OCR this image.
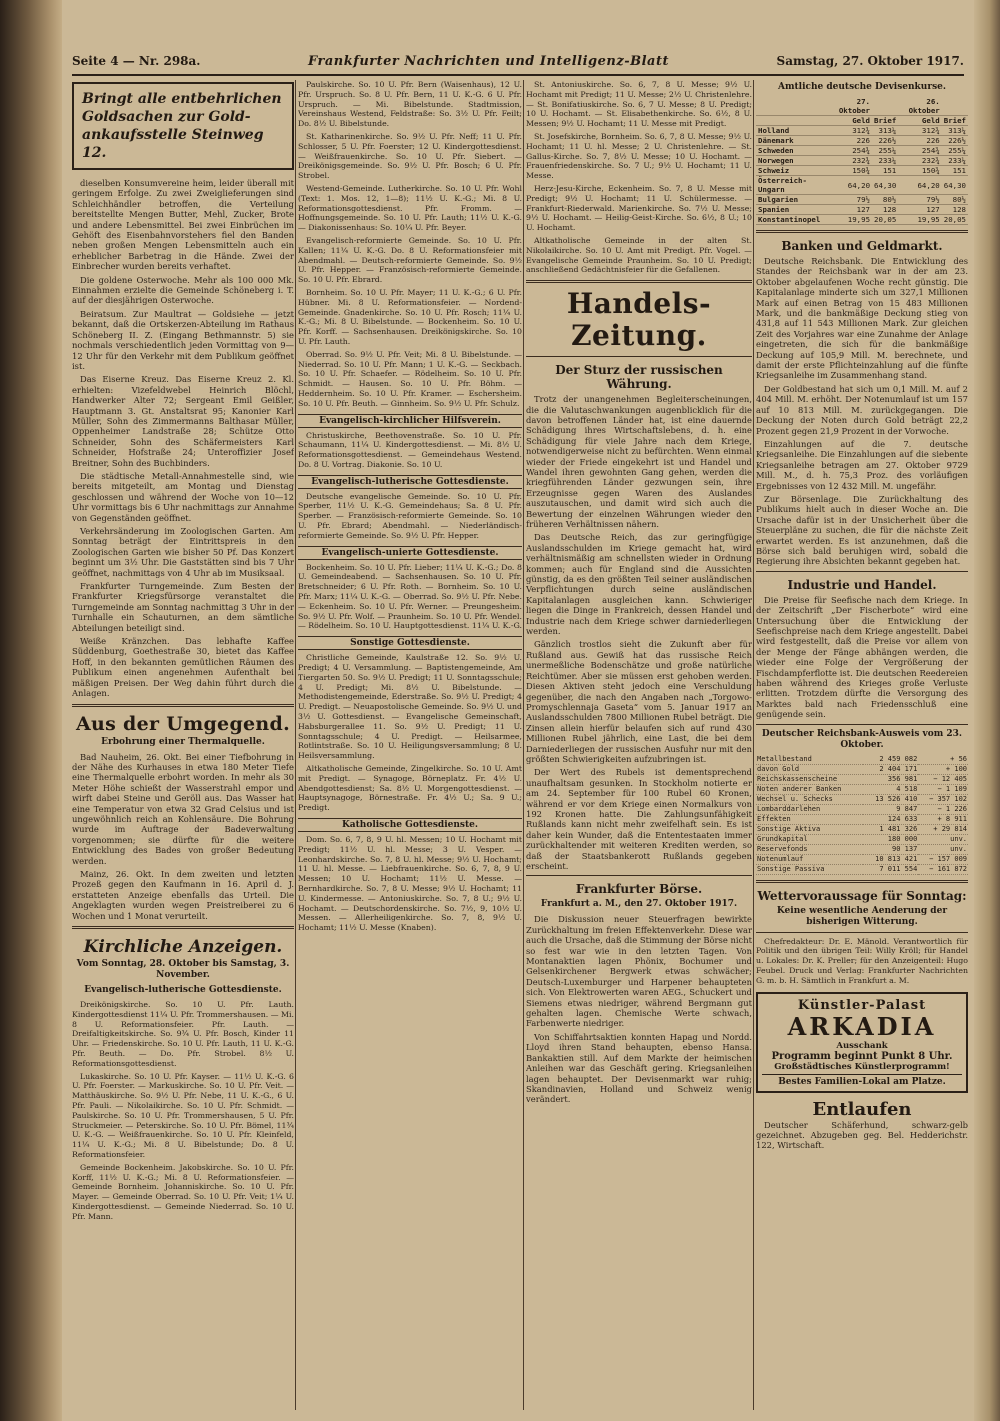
Seite 4 — Nr. 298a.	Frankfurter Nachrichten und Intelligenz-Blatt	Samstag, 27. Oktober 1917.
Bringt alle entbehrlichen Goldsachen zur Gold-ankaufsstelle Steinweg 12.

dieselben Konsumvereine heim, leider überall mit geringem Erfolge. Zu zwei Zweiglieferungen sind Schleichhändler betroffen, die Verteilung bereitstellte Mengen Butter, Mehl, Zucker, Brote und andere Lebensmittel. Bei zwei Einbrüchen im Gehöft des Eisenbahnvorstehers fiel den Banden neben großen Mengen Lebensmitteln auch ein erheblicher Barbetrag in die Hände. Zwei der Einbrecher wurden bereits verhaftet.

Die goldene Osterwoche. Mehr als 100 000 Mk. Einnahmen erzielte die Gemeinde Schöneberg i. T. auf der diesjährigen Osterwoche.

Beiratsum. Zur Maultrat — Goldsiehe — jetzt bekannt, daß die Ortskerzen-Abteilung im Rathaus Schöneberg II. Z. (Eingang Bethmannstr. 5) sie nochmals verschiedentlich jeden Vormittag von 9—12 Uhr für den Verkehr mit dem Publikum geöffnet ist.

Das Eiserne Kreuz. Das Eiserne Kreuz 2. Kl. erhielten: Vizefeldwebel Heinrich Blöchl, Handwerker Alter 72; Sergeant Emil Geißler, Hauptmann 3. Gt. Anstaltsrat 95; Kanonier Karl Müller, Sohn des Zimmermanns Balthasar Müller, Oppenheimer Landstraße 28; Schütze Otto Schneider, Sohn des Schäfermeisters Karl Schneider, Hofstraße 24; Unteroffizier Josef Breitner, Sohn des Buchbinders.

Die städtische Metall-Annahmestelle sind, wie bereits mitgeteilt, am Montag und Dienstag geschlossen und während der Woche von 10—12 Uhr vormittags bis 6 Uhr nachmittags zur Annahme von Gegenständen geöffnet.

Verkehrsänderung im Zoologischen Garten. Am Sonntag beträgt der Eintrittspreis in den Zoologischen Garten wie bisher 50 Pf. Das Konzert beginnt um 3½ Uhr. Die Gaststätten sind bis 7 Uhr geöffnet, nachmittags von 4 Uhr ab im Musiksaal.

Frankfurter Turngemeinde. Zum Besten der Frankfurter Kriegsfürsorge veranstaltet die Turngemeinde am Sonntag nachmittag 3 Uhr in der Turnhalle ein Schauturnen, an dem sämtliche Abteilungen beteiligt sind.

Weiße Kränzchen. Das lebhafte Kaffee Süddenburg, Goethestraße 30, bietet das Kaffee Hoff, in den bekannten gemütlichen Räumen des Publikum einen angenehmen Aufenthalt bei mäßigen Preisen. Der Weg dahin führt durch die Anlagen.

Aus der Umgegend.
Erbohrung einer Thermalquelle.

Bad Nauheim, 26. Okt. Bei einer Tiefbohrung in der Nähe des Kurhauses in etwa 180 Meter Tiefe eine Thermalquelle erbohrt worden. In mehr als 30 Meter Höhe schießt der Wasserstrahl empor und wirft dabei Steine und Geröll aus. Das Wasser hat eine Temperatur von etwa 32 Grad Celsius und ist ungewöhnlich reich an Kohlensäure. Die Bohrung wurde im Auftrage der Badeverwaltung vorgenommen; sie dürfte für die weitere Entwicklung des Bades von großer Bedeutung werden.

Mainz, 26. Okt. In dem zweiten und letzten Prozeß gegen den Kaufmann in 16. April d. J. erstatteten Anzeige ebenfalls das Urteil. Die Angeklagten wurden wegen Preistreiberei zu 6 Wochen und 1 Monat verurteilt.

Kirchliche Anzeigen.
Vom Sonntag, 28. Oktober bis Samstag, 3. November.
Evangelisch-lutherische Gottesdienste.

Dreikönigskirche. So. 10 U. Pfr. Lauth. Kindergottesdienst 11¼ U. Pfr. Trommershausen. — Mi. 8 U. Reformationsfeier. Pfr. Lauth. — Dreifaltigkeitskirche. So. 9¾ U. Pfr. Bosch, Kinder 11 Uhr. — Friedenskirche. So. 10 U. Pfr. Lauth, 11 U. K.-G. Pfr. Beuth. — Do. Pfr. Strobel. 8½ U. Reformationsgottesdienst.

Lukaskirche. So. 10 U. Pfr. Kayser. — 11½ U. K.-G. 6 U. Pfr. Foerster. — Markuskirche. So. 10 U. Pfr. Veit. — Matthäuskirche. So. 9½ U. Pfr. Nebe, 11 U. K.-G., 6 U. Pfr. Pauli. — Nikolaikirche. So. 10 U. Pfr. Schmidt. — Paulskirche. So. 10 U. Pfr. Trommershausen, 5 U. Pfr. Struckmeier. — Peterskirche. So. 10 U. Pfr. Bömel, 11¾ U. K.-G. — Weißfrauenkirche. So. 10 U. Pfr. Kleinfeld, 11¼ U. K.-G.; Mi. 8 U. Bibelstunde; Do. 8 U. Reformationsfeier.

Gemeinde Bockenheim. Jakobskirche. So. 10 U. Pfr. Korff, 11½ U. K.-G.; Mi. 8 U. Reformationsfeier. — Gemeinde Bornheim. Johanniskirche. So. 10 U. Pfr. Mayer. — Gemeinde Oberrad. So. 10 U. Pfr. Veit; 1¼ U. Kindergottesdienst. — Gemeinde Niederrad. So. 10 U. Pfr. Mann.

Paulskirche. So. 10 U. Pfr. Bern (Waisenhaus), 12 U. Pfr. Urspruch. So. 8 U. Pfr. Bern, 11 U. K.-G. 6 U. Pfr. Urspruch. — Mi. Bibelstunde. Stadtmission, Vereinshaus Westend, Feldstraße: So. 3½ U. Pfr. Feilt; Do. 8½ U. Bibelstunde.

St. Katharinenkirche. So. 9½ U. Pfr. Neff; 11 U. Pfr. Schlosser, 5 U. Pfr. Foerster; 12 U. Kindergottesdienst. — Weißfrauenkirche. So. 10 U. Pfr. Siebert. — Dreikönigsgemeinde. So. 9½ U. Pfr. Bosch; 6 U. Pfr. Strobel.

Westend-Gemeinde. Lutherkirche. So. 10 U. Pfr. Wohl (Text: 1. Mos. 12, 1—8); 11½ U. K.-G.; Mi. 8 U. Reformationsgottesdienst. Pfr. Fromm. — Hoffnungsgemeinde. So. 10 U. Pfr. Lauth; 11½ U. K.-G. — Diakonissenhaus: So. 10¼ U. Pfr. Beyer.

Evangelisch-reformierte Gemeinde. So. 10 U. Pfr. Kallen; 11¼ U. K.-G. Do. 8 U. Reformationsfeier mit Abendmahl. — Deutsch-reformierte Gemeinde. So. 9½ U. Pfr. Hepper. — Französisch-reformierte Gemeinde. So. 10 U. Pfr. Ebrard.

Bornheim. So. 10 U. Pfr. Mayer; 11 U. K.-G.; 6 U. Pfr. Hübner. Mi. 8 U. Reformationsfeier. — Nordend-Gemeinde. Gnadenkirche. So. 10 U. Pfr. Rosch; 11¼ U. K.-G.; Mi. 8 U. Bibelstunde. — Bockenheim. So. 10 U. Pfr. Korff. — Sachsenhausen. Dreikönigskirche. So. 10 U. Pfr. Lauth.

Oberrad. So. 9½ U. Pfr. Veit; Mi. 8 U. Bibelstunde. — Niederrad. So. 10 U. Pfr. Mann; 1 U. K.-G. — Seckbach. So. 10 U. Pfr. Schaefer. — Rödelheim. So. 10 U. Pfr. Schmidt. — Hausen. So. 10 U. Pfr. Böhm. — Heddernheim. So. 10 U. Pfr. Kramer. — Eschersheim. So. 10 U. Pfr. Beuth. — Ginnheim. So. 9½ U. Pfr. Schulz.

Evangelisch-kirchlicher Hilfsverein.

Christuskirche, Beethovenstraße. So. 10 U. Pfr. Schaumann, 11¼ U. Kindergottesdienst. — Mi. 8½ U. Reformationsgottesdienst. — Gemeindehaus Westend. Do. 8 U. Vortrag. Diakonie. So. 10 U.

Evangelisch-lutherische Gottesdienste.

Deutsche evangelische Gemeinde. So. 10 U. Pfr. Sperber, 11½ U. K.-G. Gemeindehaus; Sa. 8 U. Pfr. Sperber. — Französisch-reformierte Gemeinde. So. 10 U. Pfr. Ebrard; Abendmahl. — Niederländisch-reformierte Gemeinde. So. 9½ U. Pfr. Hepper.

Evangelisch-unierte Gottesdienste.

Bockenheim. So. 10 U. Pfr. Lieber; 11¼ U. K.-G.; Do. 8 U. Gemeindeabend. — Sachsenhausen. So. 10 U. Pfr. Bretschneider; 6 U. Pfr. Roth. — Bornheim. So. 10 U. Pfr. Marx; 11¼ U. K.-G. — Oberrad. So. 9½ U. Pfr. Nebe. — Eckenheim. So. 10 U. Pfr. Werner. — Preungesheim. So. 9½ U. Pfr. Wolf. — Praunheim. So. 10 U. Pfr. Wendel. — Rödelheim. So. 10 U. Hauptgottesdienst. 11¼ U. K.-G.

Sonstige Gottesdienste.

Christliche Gemeinde, Kaulstraße 12. So. 9½ U. Predigt; 4 U. Versammlung. — Baptistengemeinde, Am Tiergarten 50. So. 9½ U. Predigt; 11 U. Sonntagsschule; 4 U. Predigt; Mi. 8½ U. Bibelstunde. — Methodistengemeinde, Ederstraße. So. 9½ U. Predigt; 4 U. Predigt. — Neuapostolische Gemeinde. So. 9½ U. und 3½ U. Gottesdienst. — Evangelische Gemeinschaft, Habsburgerallee 11. So. 9½ U. Predigt; 11 U. Sonntagsschule; 4 U. Predigt. — Heilsarmee, Rotlintstraße. So. 10 U. Heiligungsversammlung; 8 U. Heilsversammlung.

Altkatholische Gemeinde, Zingelkirche. So. 10 U. Amt mit Predigt. — Synagoge, Börneplatz. Fr. 4½ U. Abendgottesdienst; Sa. 8½ U. Morgengottesdienst. — Hauptsynagoge, Börnestraße. Fr. 4½ U.; Sa. 9 U.; Predigt.

Katholische Gottesdienste.

Dom. So. 6, 7, 8, 9 U. hl. Messen; 10 U. Hochamt mit Predigt; 11½ U. hl. Messe; 3 U. Vesper. — Leonhardskirche. So. 7, 8 U. hl. Messe; 9½ U. Hochamt; 11 U. hl. Messe. — Liebfrauenkirche. So. 6, 7, 8, 9 U. Messen; 10 U. Hochamt; 11½ U. Messe. — Bernhardkirche. So. 7, 8 U. Messe; 9½ U. Hochamt; 11 U. Kindermesse. — Antoniuskirche. So. 7, 8 U.; 9½ U. Hochamt. — Deutschordenskirche. So. 7½, 9, 10½ U. Messen. — Allerheiligenkirche. So. 7, 8, 9½ U. Hochamt; 11½ U. Messe (Knaben).

St. Antoniuskirche. So. 6, 7, 8 U. Messe; 9½ U. Hochamt mit Predigt; 11 U. Messe; 2½ U. Christenlehre. — St. Bonifatiuskirche. So. 6, 7 U. Messe; 8 U. Predigt; 10 U. Hochamt. — St. Elisabethenkirche. So. 6½, 8 U. Messen; 9½ U. Hochamt; 11 U. Messe mit Predigt.

St. Josefskirche, Bornheim. So. 6, 7, 8 U. Messe; 9½ U. Hochamt; 11 U. hl. Messe; 2 U. Christenlehre. — St. Gallus-Kirche. So. 7, 8½ U. Messe; 10 U. Hochamt. — Frauenfriedenskirche. So. 7 U.; 9½ U. Hochamt; 11 U. Messe.

Herz-Jesu-Kirche, Eckenheim. So. 7, 8 U. Messe mit Predigt; 9½ U. Hochamt; 11 U. Schülermesse. — Frankfurt-Riederwald. Marienkirche. So. 7½ U. Messe; 9½ U. Hochamt. — Heilig-Geist-Kirche. So. 6½, 8 U.; 10 U. Hochamt.

Altkatholische Gemeinde in der alten St. Nikolaikirche. So. 10 U. Amt mit Predigt. Pfr. Vogel. — Evangelische Gemeinde Praunheim. So. 10 U. Predigt; anschließend Gedächtnisfeier für die Gefallenen.

Handels-Zeitung.
Der Sturz der russischen Währung.

Trotz der unangenehmen Begleiterscheinungen, die die Valutaschwankungen augenblicklich für die davon betroffenen Länder hat, ist eine dauernde Schädigung ihres Wirtschaftslebens, d. h. eine Schädigung für viele Jahre nach dem Kriege, notwendigerweise nicht zu befürchten. Wenn einmal wieder der Friede eingekehrt ist und Handel und Wandel ihren gewohnten Gang gehen, werden die kriegführenden Länder gezwungen sein, ihre Erzeugnisse gegen Waren des Auslandes auszutauschen, und damit wird sich auch die Bewertung der einzelnen Währungen wieder den früheren Verhältnissen nähern.

Das Deutsche Reich, das zur geringfügige Auslandsschulden im Kriege gemacht hat, wird verhältnismäßig am schnellsten wieder in Ordnung kommen; auch für England sind die Aussichten günstig, da es den größten Teil seiner ausländischen Verpflichtungen durch seine ausländischen Kapitalanlagen ausgleichen kann. Schwieriger liegen die Dinge in Frankreich, dessen Handel und Industrie nach dem Kriege schwer darniederliegen werden.

Gänzlich trostlos sieht die Zukunft aber für Rußland aus. Gewiß hat das russische Reich unermeßliche Bodenschätze und große natürliche Reichtümer. Aber sie müssen erst gehoben werden. Diesen Aktiven steht jedoch eine Verschuldung gegenüber, die nach den Angaben nach „Torgowo-Promyschlennaja Gaseta“ vom 5. Januar 1917 an Auslandsschulden 7800 Millionen Rubel beträgt. Die Zinsen allein hierfür belaufen sich auf rund 430 Millionen Rubel jährlich, eine Last, die bei dem Darniederliegen der russischen Ausfuhr nur mit den größten Schwierigkeiten aufzubringen ist.

Der Wert des Rubels ist dementsprechend unaufhaltsam gesunken. In Stockholm notierte er am 24. September für 100 Rubel 60 Kronen, während er vor dem Kriege einen Normalkurs von 192 Kronen hatte. Die Zahlungsunfähigkeit Rußlands kann nicht mehr zweifelhaft sein. Es ist daher kein Wunder, daß die Ententestaaten immer zurückhaltender mit weiteren Krediten werden, so daß der Staatsbankerott Rußlands gegeben erscheint.

Frankfurter Börse.
Frankfurt a. M., den 27. Oktober 1917.

Die Diskussion neuer Steuerfragen bewirkte Zurückhaltung im freien Effektenverkehr. Diese war auch die Ursache, daß die Stimmung der Börse nicht so fest war wie in den letzten Tagen. Von Montanaktien lagen Phönix, Bochumer und Gelsenkirchener Bergwerk etwas schwächer; Deutsch-Luxemburger und Harpener behaupteten sich. Von Elektrowerten waren AEG., Schuckert und Siemens etwas niedriger, während Bergmann gut gehalten lagen. Chemische Werte schwach, Farbenwerte niedriger.

Von Schiffahrtsaktien konnten Hapag und Nordd. Lloyd ihren Stand behaupten, ebenso Hansa. Bankaktien still. Auf dem Markte der heimischen Anleihen war das Geschäft gering. Kriegsanleihen lagen behauptet. Der Devisenmarkt war ruhig; Skandinavien, Holland und Schweiz wenig verändert.

Amtliche deutsche Devisenkurse.
	27. Oktober		26. Oktober	
	Geld	Brief	Geld	Brief
Holland	312¾	313¼	312¾	313¼
Dänemark	226	226½	226	226½
Schweden	254¾	255¼	254¾	255¼
Norwegen	232¾	233¼	232¾	233¼
Schweiz	150¾	151	150¾	151
Österreich-Ungarn	64,20	64,30	64,20	64,30
Bulgarien	79½	80½	79½	80½
Spanien	127	128	127	128
Konstantinopel	19,95	20,05	19,95	20,05
Banken und Geldmarkt.

Deutsche Reichsbank. Die Entwicklung des Standes der Reichsbank war in der am 23. Oktober abgelaufenen Woche recht günstig. Die Kapitalanlage minderte sich um 327,1 Millionen Mark auf einen Betrag von 15 483 Millionen Mark, und die bankmäßige Deckung stieg von 431,8 auf 11 543 Millionen Mark. Zur gleichen Zeit des Vorjahres war eine Zunahme der Anlage eingetreten, die sich für die bankmäßige Deckung auf 105,9 Mill. M. berechnete, und damit der erste Pflichteinzahlung auf die fünfte Kriegsanleihe im Zusammenhang stand.

Der Goldbestand hat sich um 0,1 Mill. M. auf 2 404 Mill. M. erhöht. Der Notenumlauf ist um 157 auf 10 813 Mill. M. zurückgegangen. Die Deckung der Noten durch Gold beträgt 22,2 Prozent gegen 21,9 Prozent in der Vorwoche.

Einzahlungen auf die 7. deutsche Kriegsanleihe. Die Einzahlungen auf die siebente Kriegsanleihe betragen am 27. Oktober 9729 Mill. M., d. h. 75,3 Proz. des vorläufigen Ergebnisses von 12 432 Mill. M. ungefähr.

Zur Börsenlage. Die Zurückhaltung des Publikums hielt auch in dieser Woche an. Die Ursache dafür ist in der Unsicherheit über die Steuerpläne zu suchen, die für die nächste Zeit erwartet werden. Es ist anzunehmen, daß die Börse sich bald beruhigen wird, sobald die Regierung ihre Absichten bekannt gegeben hat.

Industrie und Handel.

Die Preise für Seefische nach dem Kriege. In der Zeitschrift „Der Fischerbote“ wird eine Untersuchung über die Entwicklung der Seefischpreise nach dem Kriege angestellt. Dabei wird festgestellt, daß die Preise vor allem von der Menge der Fänge abhängen werden, die wieder eine Folge der Vergrößerung der Fischdampferflotte ist. Die deutschen Reedereien haben während des Krieges große Verluste erlitten. Trotzdem dürfte die Versorgung des Marktes bald nach Friedensschluß eine genügende sein.

Deutscher Reichsbank-Ausweis vom 23. Oktober.
Metallbestand	2 459 082	+ 56
davon Gold	2 404 171	+ 100
Reichskassenscheine	356 981	− 12 405
Noten anderer Banken	4 518	− 1 109
Wechsel u. Schecks	13 526 410	− 357 102
Lombarddarlehen	9 847	− 1 226
Effekten	124 633	+ 8 911
Sonstige Aktiva	1 481 326	+ 29 814
Grundkapital	180 000	unv.
Reservefonds	90 137	unv.
Notenumlauf	10 813 421	− 157 009
Sonstige Passiva	7 011 554	− 161 872
Wettervoraussage für Sonntag:
Keine wesentliche Aenderung der bisherigen Witterung.

Chefredakteur: Dr. E. Mänold. Verantwortlich für Politik und den übrigen Teil: Willy Kröll; für Handel u. Lokales: Dr. K. Preller; für den Anzeigenteil: Hugo Feubel. Druck und Verlag: Frankfurter Nachrichten G. m. b. H. Sämtlich in Frankfurt a. M.

Künstler-Palast
ARKADIA
Ausschank
Programm beginnt Punkt 8 Uhr.
Großstädtisches Künstlerprogramm!
Bestes Familien-Lokal am Platze.
Entlaufen

Deutscher Schäferhund, schwarz-gelb gezeichnet. Abzugeben geg. Bel. Hedderichstr. 122, Wirtschaft.
